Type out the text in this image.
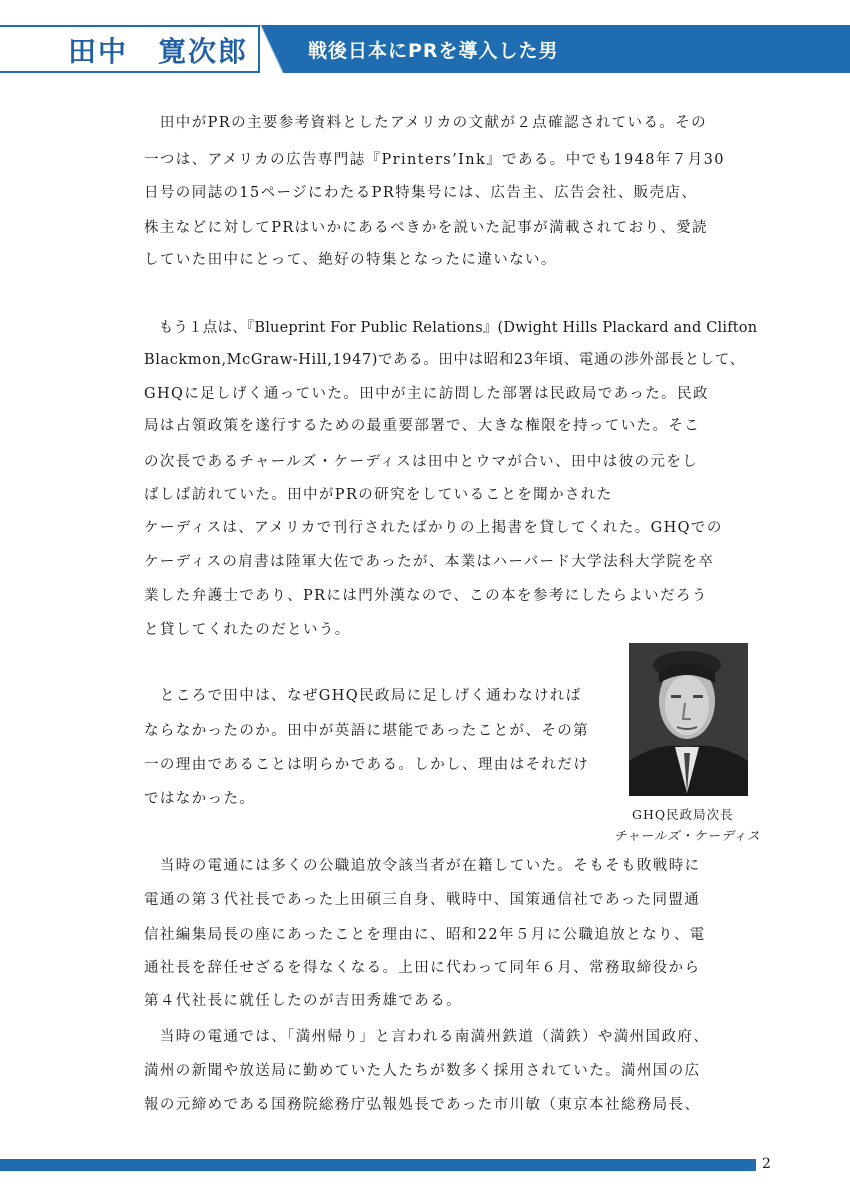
田中　寛次郎	戦後日本にPRを導入した男
　田中がPRの主要参考資料としたアメリカの文献が２点確認されている。その
一つは、アメリカの広告専門誌『Printers’Ink』である。中でも1948年７月30
日号の同誌の15ページにわたるPR特集号には、広告主、広告会社、販売店、
株主などに対してPRはいかにあるべきかを説いた記事が満載されており、愛読
していた田中にとって、絶好の特集となったに違いない。
　もう１点は、『Blueprint For Public Relations』(Dwight Hills Plackard and Clifton
Blackmon,McGraw-Hill,1947)である。田中は昭和23年頃、電通の渉外部長として、
GHQに足しげく通っていた。田中が主に訪問した部署は民政局であった。民政
局は占領政策を遂行するための最重要部署で、大きな権限を持っていた。そこ
の次長であるチャールズ・ケーディスは田中とウマが合い、田中は彼の元をし
ばしば訪れていた。田中がPRの研究をしていることを聞かされた
ケーディスは、アメリカで刊行されたばかりの上掲書を貸してくれた。GHQでの
ケーディスの肩書は陸軍大佐であったが、本業はハーバード大学法科大学院を卒
業した弁護士であり、PRには門外漢なので、この本を参考にしたらよいだろう
と貸してくれたのだという。
　ところで田中は、なぜGHQ民政局に足しげく通わなければ
ならなかったのか。田中が英語に堪能であったことが、その第
一の理由であることは明らかである。しかし、理由はそれだけ
ではなかった。
GHQ民政局次長
チャールズ・ケーディス
　当時の電通には多くの公職追放令該当者が在籍していた。そもそも敗戦時に
電通の第３代社長であった上田碩三自身、戦時中、国策通信社であった同盟通
信社編集局長の座にあったことを理由に、昭和22年５月に公職追放となり、電
通社長を辞任せざるを得なくなる。上田に代わって同年６月、常務取締役から
第４代社長に就任したのが吉田秀雄である。
　当時の電通では、「満州帰り」と言われる南満州鉄道（満鉄）や満州国政府、
満州の新聞や放送局に勤めていた人たちが数多く採用されていた。満州国の広
報の元締めである国務院総務庁弘報処長であった市川敏（東京本社総務局長、
2
